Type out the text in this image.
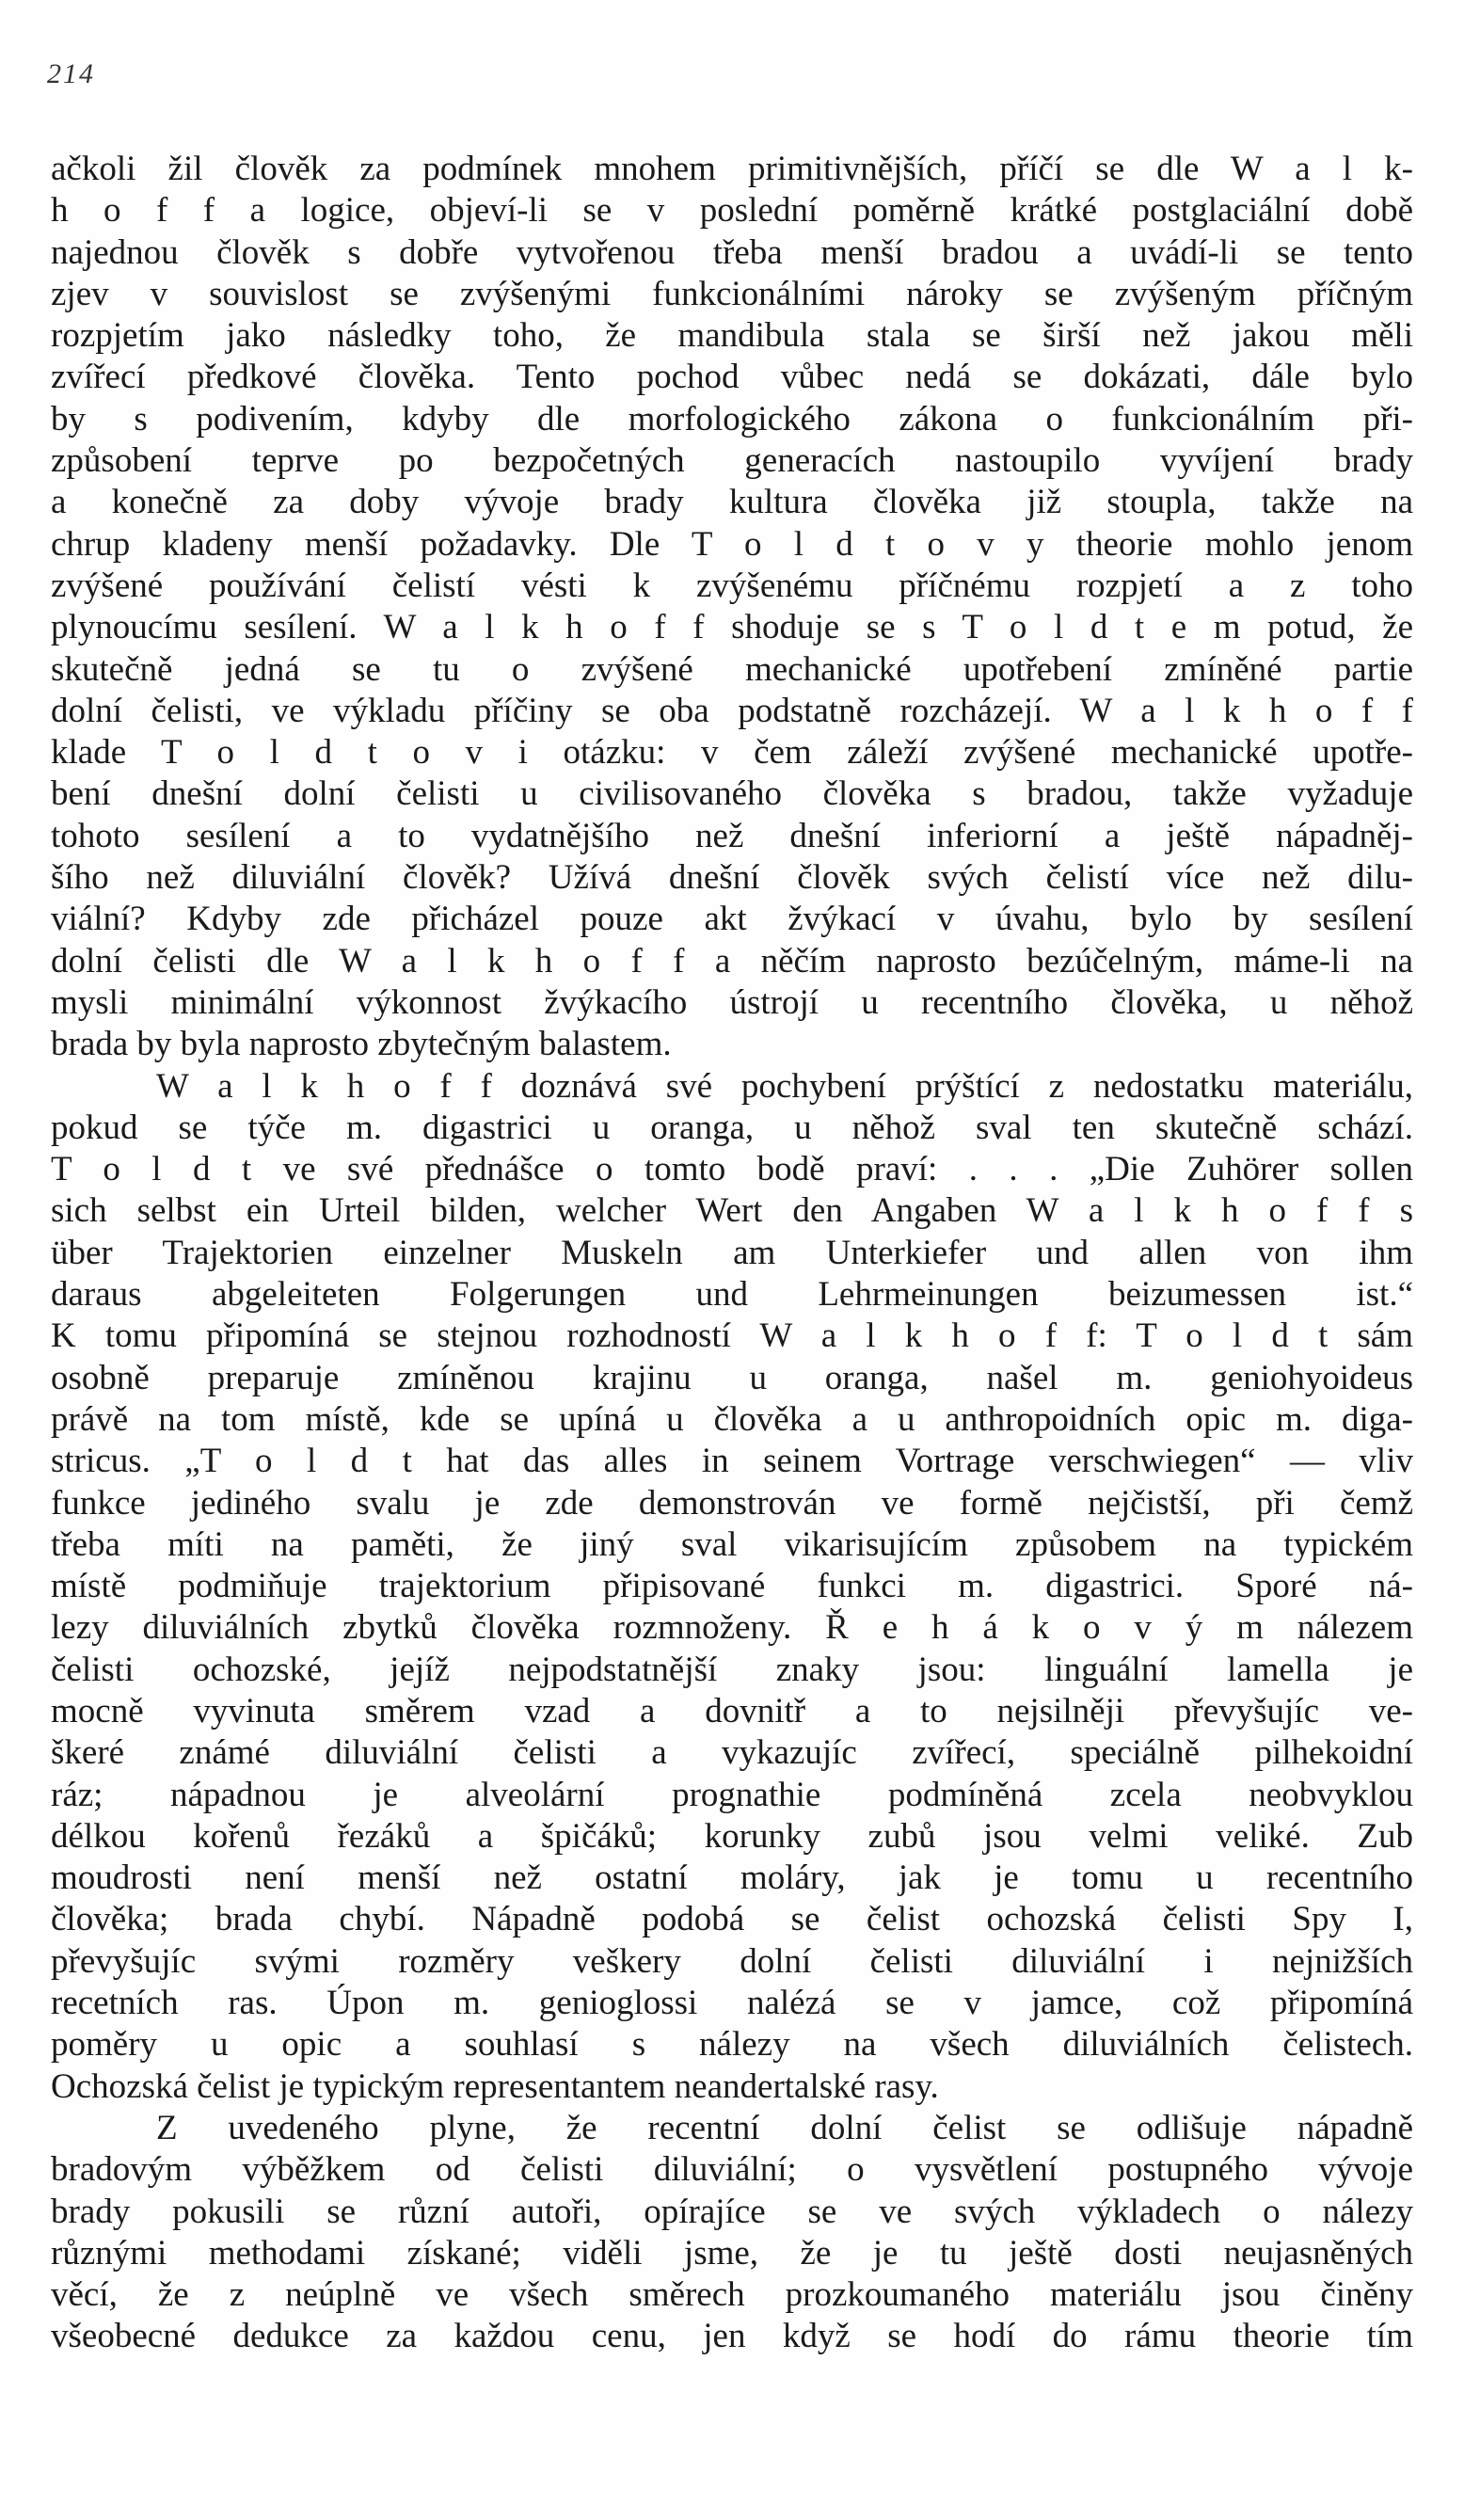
214
ačkoli žil člověk za podmínek mnohem primitivnějších, příčí se dle W a l k-
h o f f a logice, objeví-li se v poslední poměrně krátké postglaciální době
najednou člověk s dobře vytvořenou třeba menší bradou a uvádí-li se tento
zjev v souvislost se zvýšenými funkcionálními nároky se zvýšeným příčným
rozpjetím jako následky toho, že mandibula stala se širší než jakou měli
zvířecí předkové člověka. Tento pochod vůbec nedá se dokázati, dále bylo
by s podivením, kdyby dle morfologického zákona o funkcionálním při-
způsobení teprve po bezpočetných generacích nastoupilo vyvíjení brady
a konečně za doby vývoje brady kultura člověka již stoupla, takže na
chrup kladeny menší požadavky. Dle T o l d t o v y theorie mohlo jenom
zvýšené používání čelistí vésti k zvýšenému příčnému rozpjetí a z toho
plynoucímu sesílení. W a l k h o f f shoduje se s T o l d t e m potud, že
skutečně jedná se tu o zvýšené mechanické upotřebení zmíněné partie
dolní čelisti, ve výkladu příčiny se oba podstatně rozcházejí. W a l k h o f f
klade T o l d t o v i otázku: v čem záleží zvýšené mechanické upotře-
bení dnešní dolní čelisti u civilisovaného člověka s bradou, takže vyžaduje
tohoto sesílení a to vydatnějšího než dnešní inferiorní a ještě nápadněj-
šího než diluviální člověk? Užívá dnešní člověk svých čelistí více než dilu-
viální? Kdyby zde přicházel pouze akt žvýkací v úvahu, bylo by sesílení
dolní čelisti dle W a l k h o f f a něčím naprosto bezúčelným, máme-li na
mysli minimální výkonnost žvýkacího ústrojí u recentního člověka, u něhož
brada by byla naprosto zbytečným balastem.
W a l k h o f f doznává své pochybení prýštící z nedostatku materiálu,
pokud se týče m. digastrici u oranga, u něhož sval ten skutečně schází.
T o l d t ve své přednášce o tomto bodě praví: . . . „Die Zuhörer sollen
sich selbst ein Urteil bilden, welcher Wert den Angaben W a l k h o f f s
über Trajektorien einzelner Muskeln am Unterkiefer und allen von ihm
daraus abgeleiteten Folgerungen und Lehrmeinungen beizumessen ist.“
K tomu připomíná se stejnou rozhodností W a l k h o f f: T o l d t sám
osobně preparuje zmíněnou krajinu u oranga, našel m. geniohyoideus
právě na tom místě, kde se upíná u člověka a u anthropoidních opic m. diga-
stricus. „T o l d t hat das alles in seinem Vortrage verschwiegen“ — vliv
funkce jediného svalu je zde demonstrován ve formě nejčistší, při čemž
třeba míti na paměti, že jiný sval vikarisujícím způsobem na typickém
místě podmiňuje trajektorium připisované funkci m. digastrici. Sporé ná-
lezy diluviálních zbytků člověka rozmnoženy. Ř e h á k o v ý m nálezem
čelisti ochozské, jejíž nejpodstatnější znaky jsou: linguální lamella je
mocně vyvinuta směrem vzad a dovnitř a to nejsilněji převyšujíc ve-
škeré známé diluviální čelisti a vykazujíc zvířecí, speciálně pilhekoidní
ráz; nápadnou je alveolární prognathie podmíněná zcela neobvyklou
délkou kořenů řezáků a špičáků; korunky zubů jsou velmi veliké. Zub
moudrosti není menší než ostatní moláry, jak je tomu u recentního
člověka; brada chybí. Nápadně podobá se čelist ochozská čelisti Spy I,
převyšujíc svými rozměry veškery dolní čelisti diluviální i nejnižších
recetních ras. Úpon m. genioglossi nalézá se v jamce, což připomíná
poměry u opic a souhlasí s nálezy na všech diluviálních čelistech.
Ochozská čelist je typickým representantem neandertalské rasy.
Z uvedeného plyne, že recentní dolní čelist se odlišuje nápadně
bradovým výběžkem od čelisti diluviální; o vysvětlení postupného vývoje
brady pokusili se různí autoři, opírajíce se ve svých výkladech o nálezy
různými methodami získané; viděli jsme, že je tu ještě dosti neujasněných
věcí, že z neúplně ve všech směrech prozkoumaného materiálu jsou činěny
všeobecné dedukce za každou cenu, jen když se hodí do rámu theorie tím
